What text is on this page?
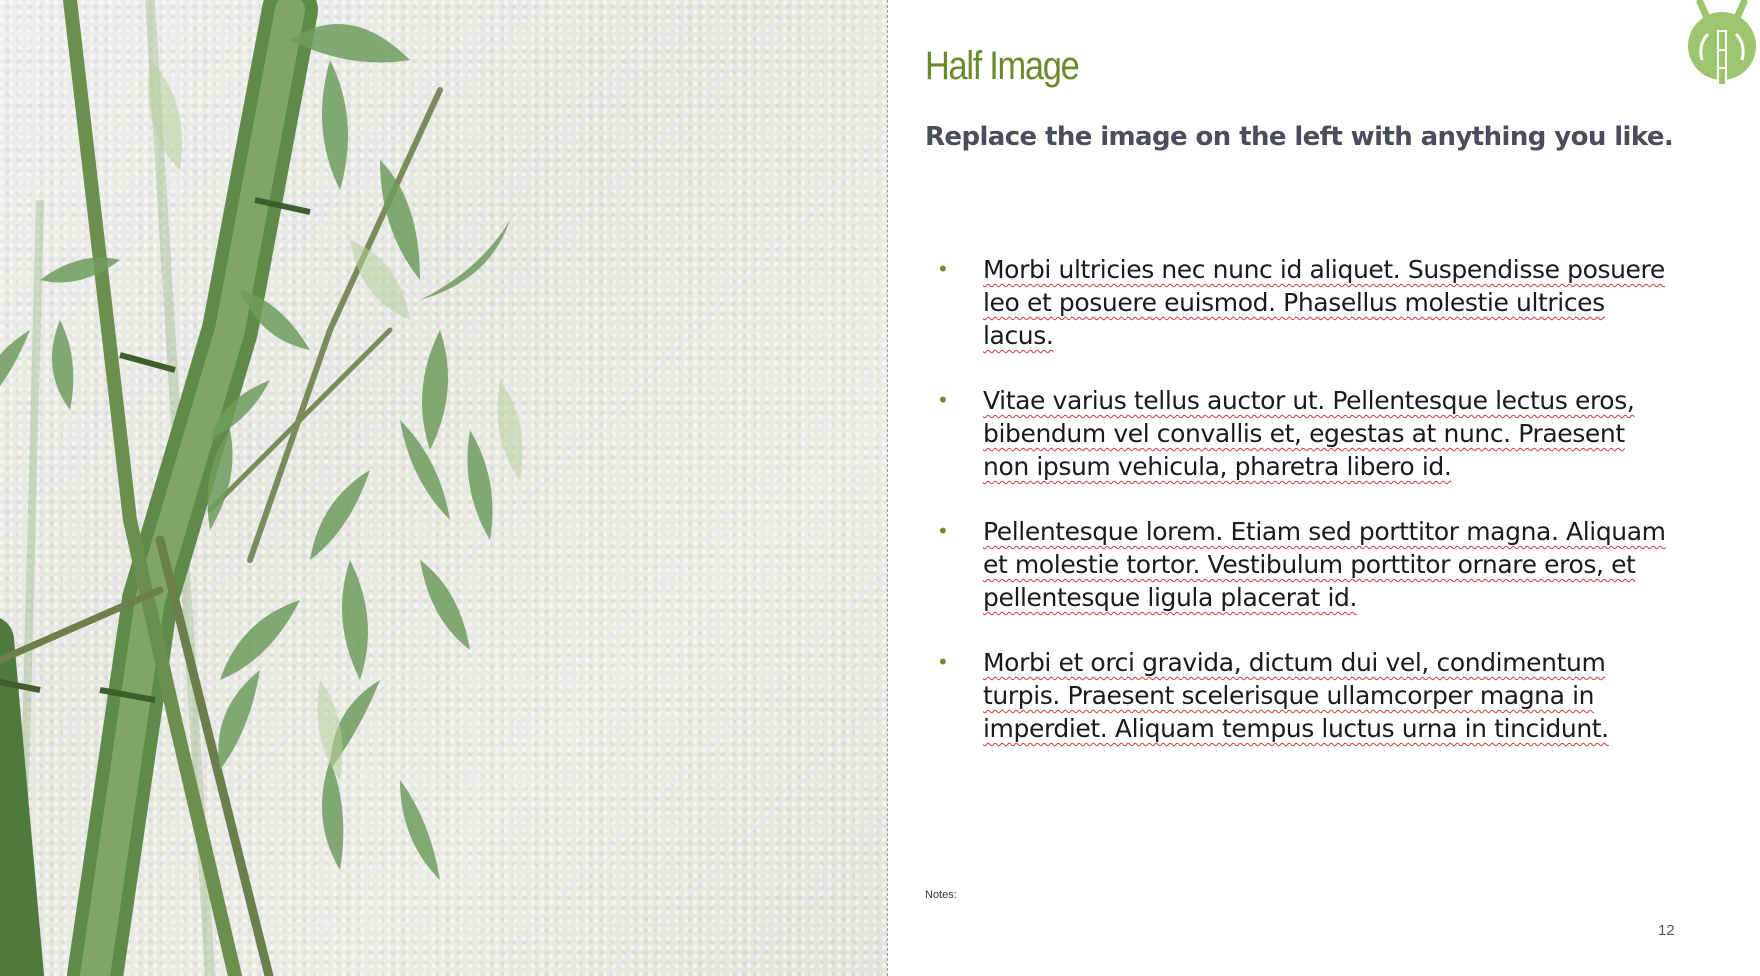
Half Image
Replace the image on the left with anything you like.
• Morbi ultricies nec nunc id aliquet. Suspendisse posuere leo et posuere euismod. Phasellus molestie ultrices lacus.
• Vitae varius tellus auctor ut. Pellentesque lectus eros, bibendum vel convallis et, egestas at nunc. Praesent non ipsum vehicula, pharetra libero id.
• Pellentesque lorem. Etiam sed porttitor magna. Aliquam et molestie tortor. Vestibulum porttitor ornare eros, et pellentesque ligula placerat id.
• Morbi et orci gravida, dictum dui vel, condimentum turpis. Praesent scelerisque ullamcorper magna in imperdiet. Aliquam tempus luctus urna in tincidunt.
Notes:
12
